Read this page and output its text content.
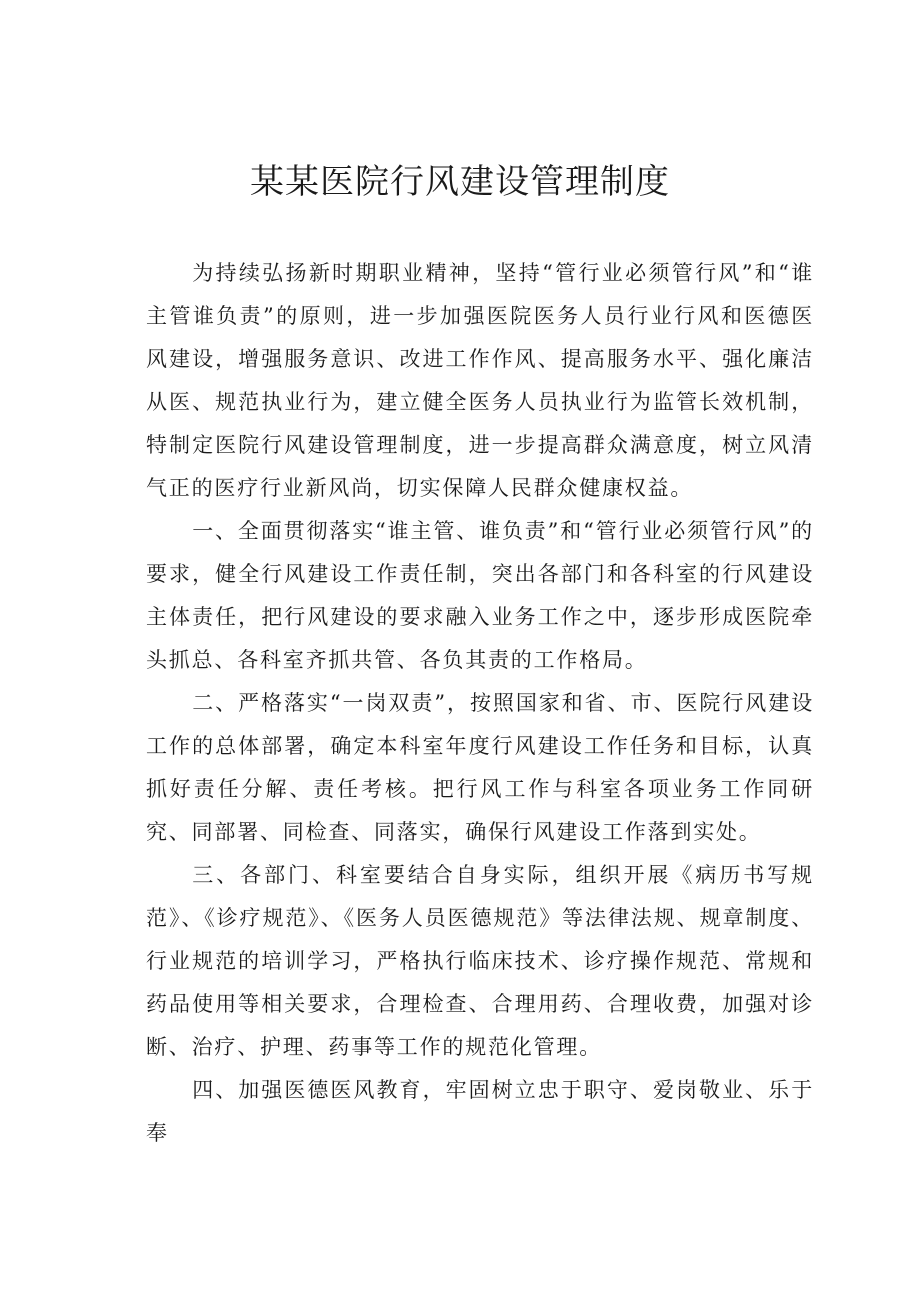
某某医院行风建设管理制度

为持续弘扬新时期职业精神，坚持“管行业必须管行风”和“谁主管谁负责”的原则，进一步加强医院医务人员行业行风和医德医风建设，增强服务意识、改进工作作风、提高服务水平、强化廉洁从医、规范执业行为，建立健全医务人员执业行为监管长效机制，特制定医院行风建设管理制度，进一步提高群众满意度，树立风清气正的医疗行业新风尚，切实保障人民群众健康权益。

一、全面贯彻落实“谁主管、谁负责”和“管行业必须管行风”的要求，健全行风建设工作责任制，突出各部门和各科室的行风建设主体责任，把行风建设的要求融入业务工作之中，逐步形成医院牵头抓总、各科室齐抓共管、各负其责的工作格局。

二、严格落实“一岗双责”，按照国家和省、市、医院行风建设工作的总体部署，确定本科室年度行风建设工作任务和目标，认真抓好责任分解、责任考核。把行风工作与科室各项业务工作同研究、同部署、同检查、同落实，确保行风建设工作落到实处。

三、各部门、科室要结合自身实际，组织开展《病历书写规范》、《诊疗规范》、《医务人员医德规范》等法律法规、规章制度、行业规范的培训学习，严格执行临床技术、诊疗操作规范、常规和药品使用等相关要求，合理检查、合理用药、合理收费，加强对诊断、治疗、护理、药事等工作的规范化管理。

四、加强医德医风教育，牢固树立忠于职守、爱岗敬业、乐于奉
